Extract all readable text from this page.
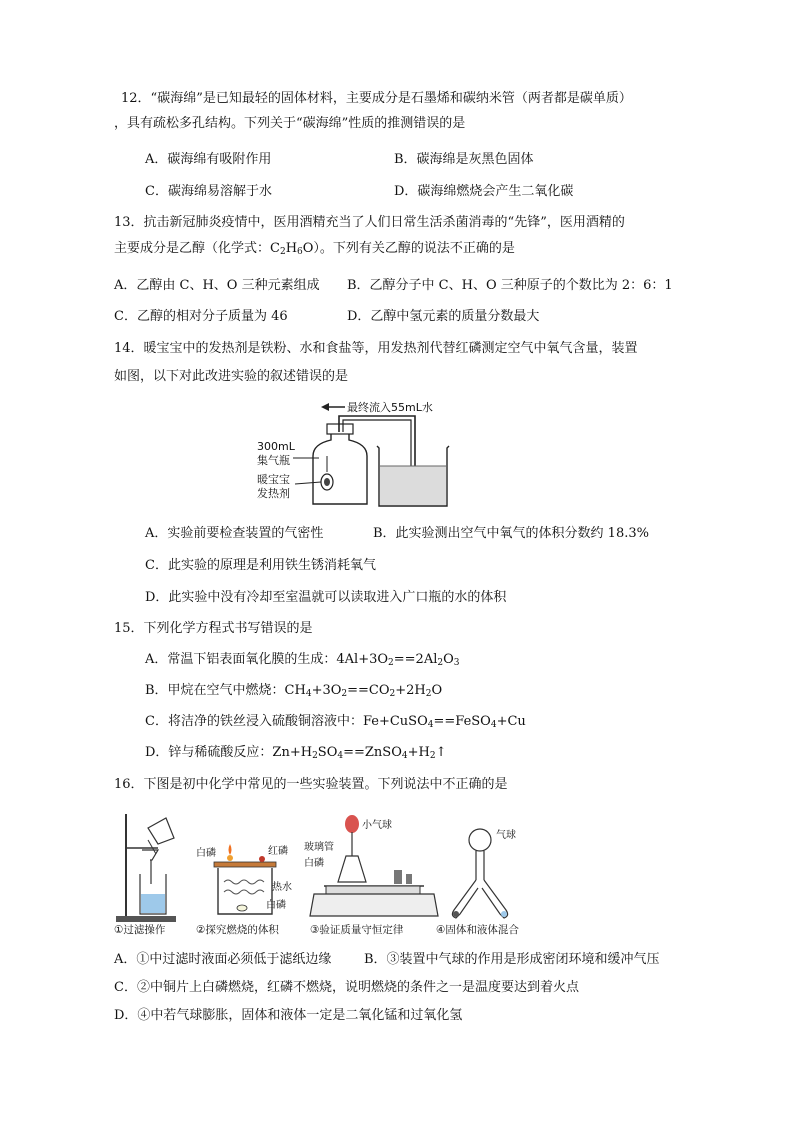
12．“碳海绵”是已知最轻的固体材料，主要成分是石墨烯和碳纳米管（两者都是碳单质）
，具有疏松多孔结构。下列关于“碳海绵”性质的推测错误的是
A．碳海绵有吸附作用	B．碳海绵是灰黑色固体
C．碳海绵易溶解于水	D．碳海绵燃烧会产生二氧化碳
13．抗击新冠肺炎疫情中，医用酒精充当了人们日常生活杀菌消毒的“先锋”，医用酒精的
主要成分是乙醇（化学式：$C_2H_6O$）。下列有关乙醇的说法不正确的是
A．乙醇由 C、H、O 三种元素组成 B．乙醇分子中 C、H、O 三种原子的个数比为 2：6：1
C．乙醇的相对分子质量为 46	D．乙醇中氢元素的质量分数最大
14．暖宝宝中的发热剂是铁粉、水和食盐等，用发热剂代替红磷测定空气中氧气含量，装置
如图，以下对此改进实验的叙述错误的是
最终流入55mL水
300mL
集气瓶
暖宝宝
发热剂
A．实验前要检查装置的气密性	B．此实验测出空气中氧气的体积分数约 18.3%
C．此实验的原理是利用铁生锈消耗氧气
D．此实验中没有冷却至室温就可以读取进入广口瓶的水的体积
15．下列化学方程式书写错误的是
A．常温下铝表面氧化膜的生成：$4Al+3O_2==2Al_2O_3$
B．甲烷在空气中燃烧：$CH_4+3O_2==CO_2+2H_2O$
C．将洁净的铁丝浸入硫酸铜溶液中：Fe+CuSO$_4$==FeSO$_4$+Cu
D．锌与稀硫酸反应：$Zn+H_2SO_4==ZnSO_4+H_2↑$
16．下图是初中化学中常见的一些实验装置。下列说法中不正确的是
①过滤操作
白磷	红磷
热水
白磷
②探究燃烧的体积
小气球
玻璃管
白磷
③验证质量守恒定律
气球
④固体和液体混合
A．①中过滤时液面必须低于滤纸边缘	B．③装置中气球的作用是形成密闭环境和缓冲气压
C．②中铜片上白磷燃烧，红磷不燃烧，说明燃烧的条件之一是温度要达到着火点
D．④中若气球膨胀，固体和液体一定是二氧化锰和过氧化氢
